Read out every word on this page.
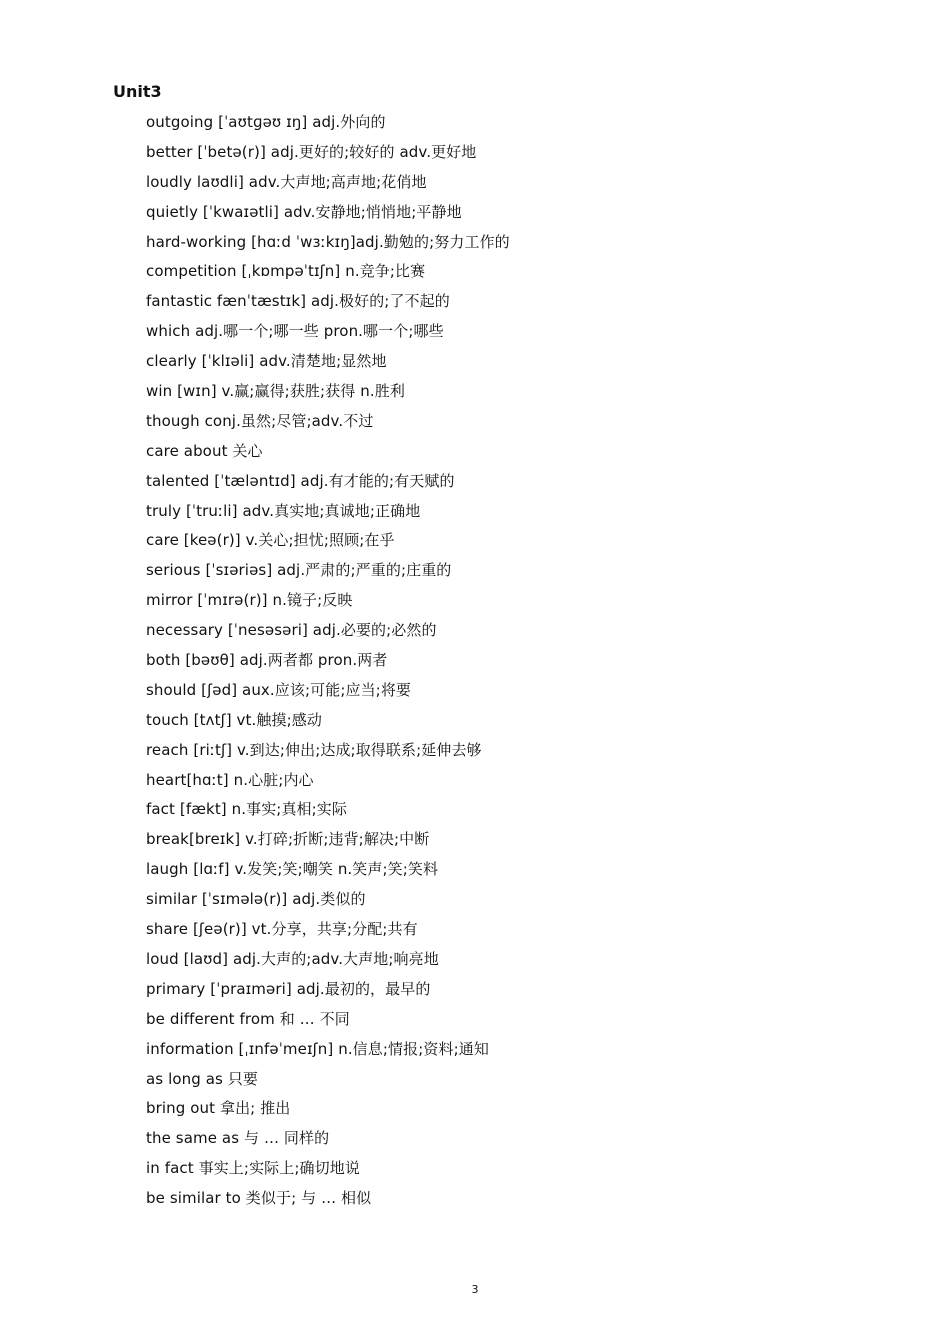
Unit3
outgoing [ˈaʊtɡəʊ ɪŋ] adj.外向的
better [ˈbetə(r)] adj.更好的;较好的 adv.更好地
loudly laʊdli] adv.大声地;高声地;花俏地
quietly [ˈkwaɪətli] adv.安静地;悄悄地;平静地
hard-working [hɑːd ˈwɜːkɪŋ]adj.勤勉的;努力工作的
competition [ˌkɒmpəˈtɪʃn] n.竞争;比赛
fantastic fænˈtæstɪk] adj.极好的;了不起的
which adj.哪一个;哪一些 pron.哪一个;哪些
clearly [ˈklɪəli] adv.清楚地;显然地
win [wɪn] v.赢;赢得;获胜;获得 n.胜利
though conj.虽然;尽管;adv.不过
care about 关心
talented [ˈtæləntɪd] adj.有才能的;有天赋的
truly [ˈtruːli] adv.真实地;真诚地;正确地
care [keə(r)] v.关心;担忧;照顾;在乎
serious [ˈsɪəriəs] adj.严肃的;严重的;庄重的
mirror [ˈmɪrə(r)] n.镜子;反映
necessary [ˈnesəsəri] adj.必要的;必然的
both [bəʊθ] adj.两者都 pron.两者
should [ʃəd] aux.应该;可能;应当;将要
touch [tʌtʃ] vt.触摸;感动
reach [riːtʃ] v.到达;伸出;达成;取得联系;延伸去够
heart[hɑːt] n.心脏;内心
fact [fækt] n.事实;真相;实际
break[breɪk] v.打碎;折断;违背;解决;中断
laugh [lɑːf] v.发笑;笑;嘲笑 n.笑声;笑;笑料
similar [ˈsɪmələ(r)] adj.类似的
share [ʃeə(r)] vt.分享，共享;分配;共有
loud [laʊd] adj.大声的;adv.大声地;响亮地
primary [ˈpraɪməri] adj.最初的，最早的
be different from 和 … 不同
information [ˌɪnfəˈmeɪʃn] n.信息;情报;资料;通知
as long as 只要
bring out 拿出; 推出
the same as 与 … 同样的
in fact 事实上;实际上;确切地说
be similar to 类似于; 与 … 相似
3
